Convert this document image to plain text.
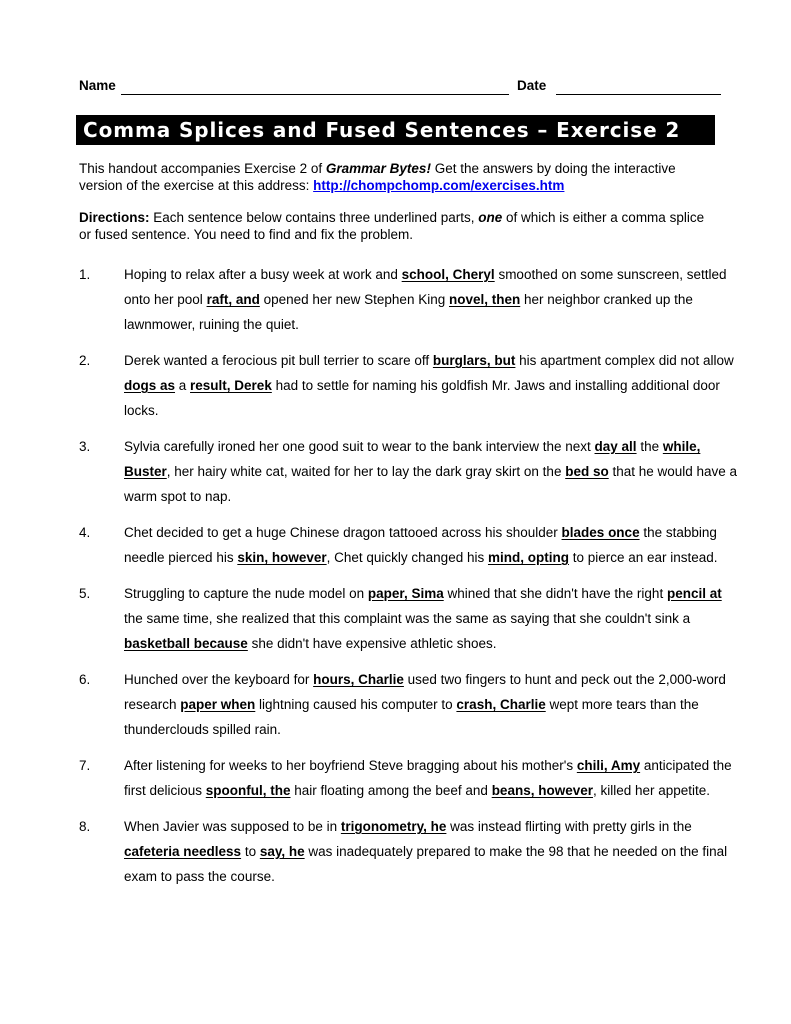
Name	Date
Comma Splices and Fused Sentences – Exercise 2
This handout accompanies Exercise 2 of Grammar Bytes! Get the answers by doing the interactive version of the exercise at this address: http://chompchomp.com/exercises.htm
Directions: Each sentence below contains three underlined parts, one of which is either a comma splice or fused sentence. You need to find and fix the problem.
1. Hoping to relax after a busy week at work and school, Cheryl smoothed on some sunscreen, settled onto her pool raft, and opened her new Stephen King novel, then her neighbor cranked up the lawnmower, ruining the quiet.
2. Derek wanted a ferocious pit bull terrier to scare off burglars, but his apartment complex did not allow dogs as a result, Derek had to settle for naming his goldfish Mr. Jaws and installing additional door locks.
3. Sylvia carefully ironed her one good suit to wear to the bank interview the next day all the while, Buster, her hairy white cat, waited for her to lay the dark gray skirt on the bed so that he would have a warm spot to nap.
4. Chet decided to get a huge Chinese dragon tattooed across his shoulder blades once the stabbing needle pierced his skin, however, Chet quickly changed his mind, opting to pierce an ear instead.
5. Struggling to capture the nude model on paper, Sima whined that she didn't have the right pencil at the same time, she realized that this complaint was the same as saying that she couldn't sink a basketball because she didn't have expensive athletic shoes.
6. Hunched over the keyboard for hours, Charlie used two fingers to hunt and peck out the 2,000-word research paper when lightning caused his computer to crash, Charlie wept more tears than the thunderclouds spilled rain.
7. After listening for weeks to her boyfriend Steve bragging about his mother's chili, Amy anticipated the first delicious spoonful, the hair floating among the beef and beans, however, killed her appetite.
8. When Javier was supposed to be in trigonometry, he was instead flirting with pretty girls in the cafeteria needless to say, he was inadequately prepared to make the 98 that he needed on the final exam to pass the course.
